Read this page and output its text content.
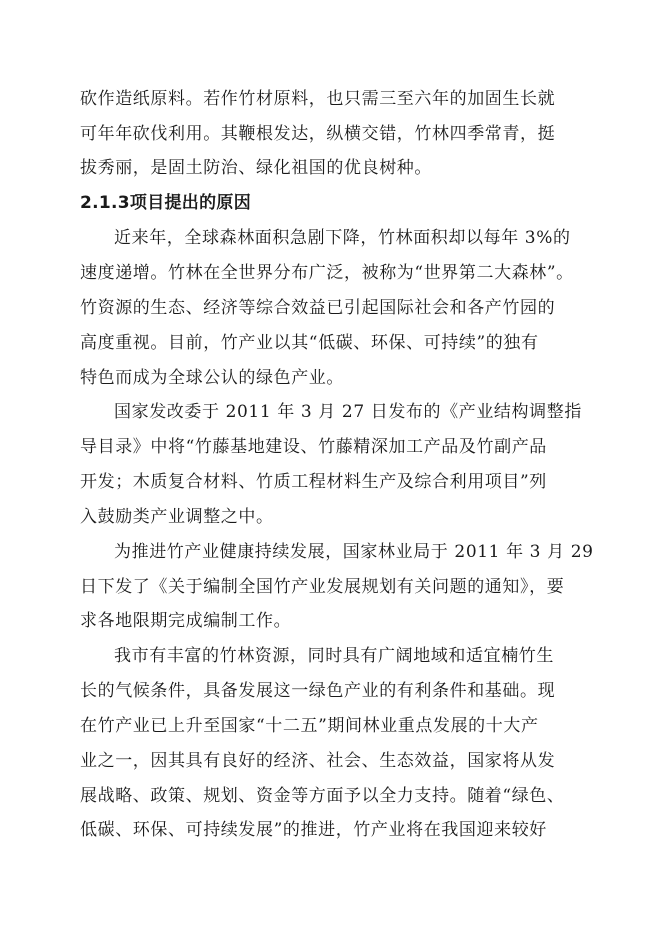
砍作造纸原料。若作竹材原料，也只需三至六年的加固生长就
可年年砍伐利用。其鞭根发达，纵横交错，竹林四季常青，挺
拔秀丽，是固土防治、绿化祖国的优良树种。
2.1.3项目提出的原因
近来年，全球森林面积急剧下降，竹林面积却以每年 3%的
速度递增。竹林在全世界分布广泛，被称为“世界第二大森林”。
竹资源的生态、经济等综合效益已引起国际社会和各产竹园的
高度重视。目前，竹产业以其“低碳、环保、可持续”的独有
特色而成为全球公认的绿色产业。
国家发改委于 2011 年 3 月 27 日发布的《产业结构调整指
导目录》中将“竹藤基地建设、竹藤精深加工产品及竹副产品
开发；木质复合材料、竹质工程材料生产及综合利用项目”列
入鼓励类产业调整之中。
为推进竹产业健康持续发展，国家林业局于 2011 年 3 月 29
日下发了《关于编制全国竹产业发展规划有关问题的通知》，要
求各地限期完成编制工作。
我市有丰富的竹林资源，同时具有广阔地域和适宜楠竹生
长的气候条件，具备发展这一绿色产业的有利条件和基础。现
在竹产业已上升至国家“十二五”期间林业重点发展的十大产
业之一，因其具有良好的经济、社会、生态效益，国家将从发
展战略、政策、规划、资金等方面予以全力支持。随着“绿色、
低碳、环保、可持续发展”的推进，竹产业将在我国迎来较好
